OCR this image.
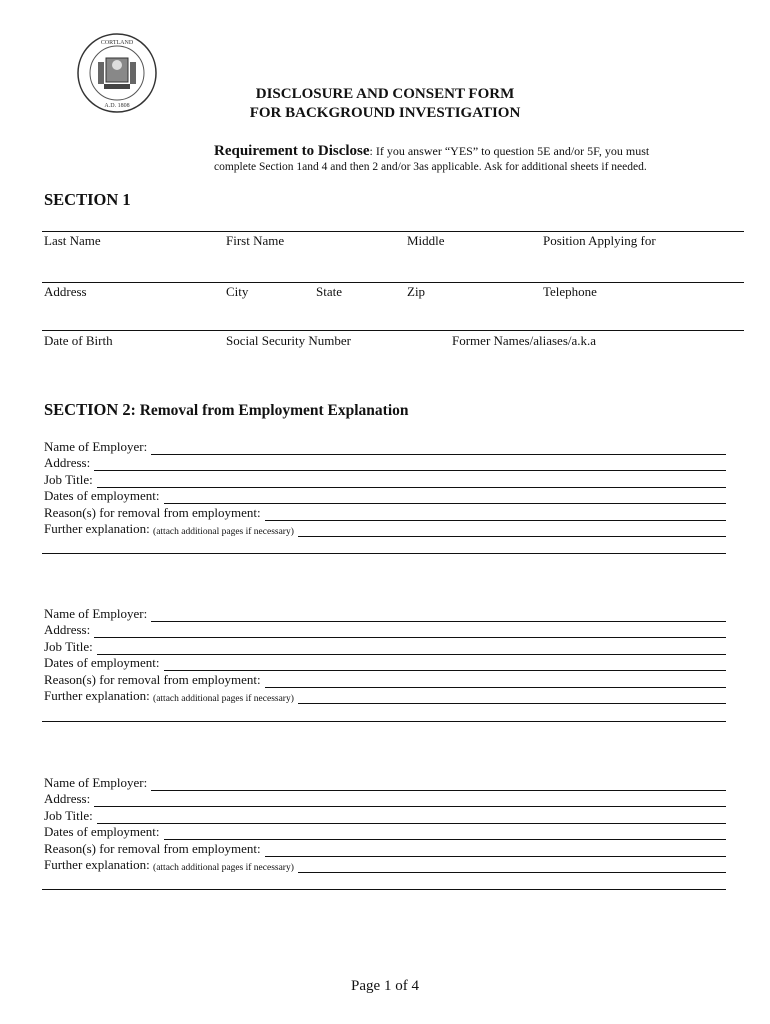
CORTLAND
A.D. 1808
DISCLOSURE AND CONSENT FORM
FOR BACKGROUND INVESTIGATION
Requirement to Disclose: If you answer “YES” to question 5E and/or 5F, you must
complete Section 1and 4 and then 2 and/or 3as applicable. Ask for additional sheets if needed.
SECTION 1
Last Name	First Name	Middle	Position Applying for
Address	City	State	Zip	Telephone
Date of Birth	Social Security Number	Former Names/aliases/a.k.a
SECTION 2: Removal from Employment Explanation
Name of Employer:
Address:
Job Title:
Dates of employment:
Reason(s) for removal from employment:
Further explanation:
(attach additional pages if necessary)
Name of Employer:
Address:
Job Title:
Dates of employment:
Reason(s) for removal from employment:
Further explanation:
(attach additional pages if necessary)
Name of Employer:
Address:
Job Title:
Dates of employment:
Reason(s) for removal from employment:
Further explanation:
(attach additional pages if necessary)
Page 1 of 4
